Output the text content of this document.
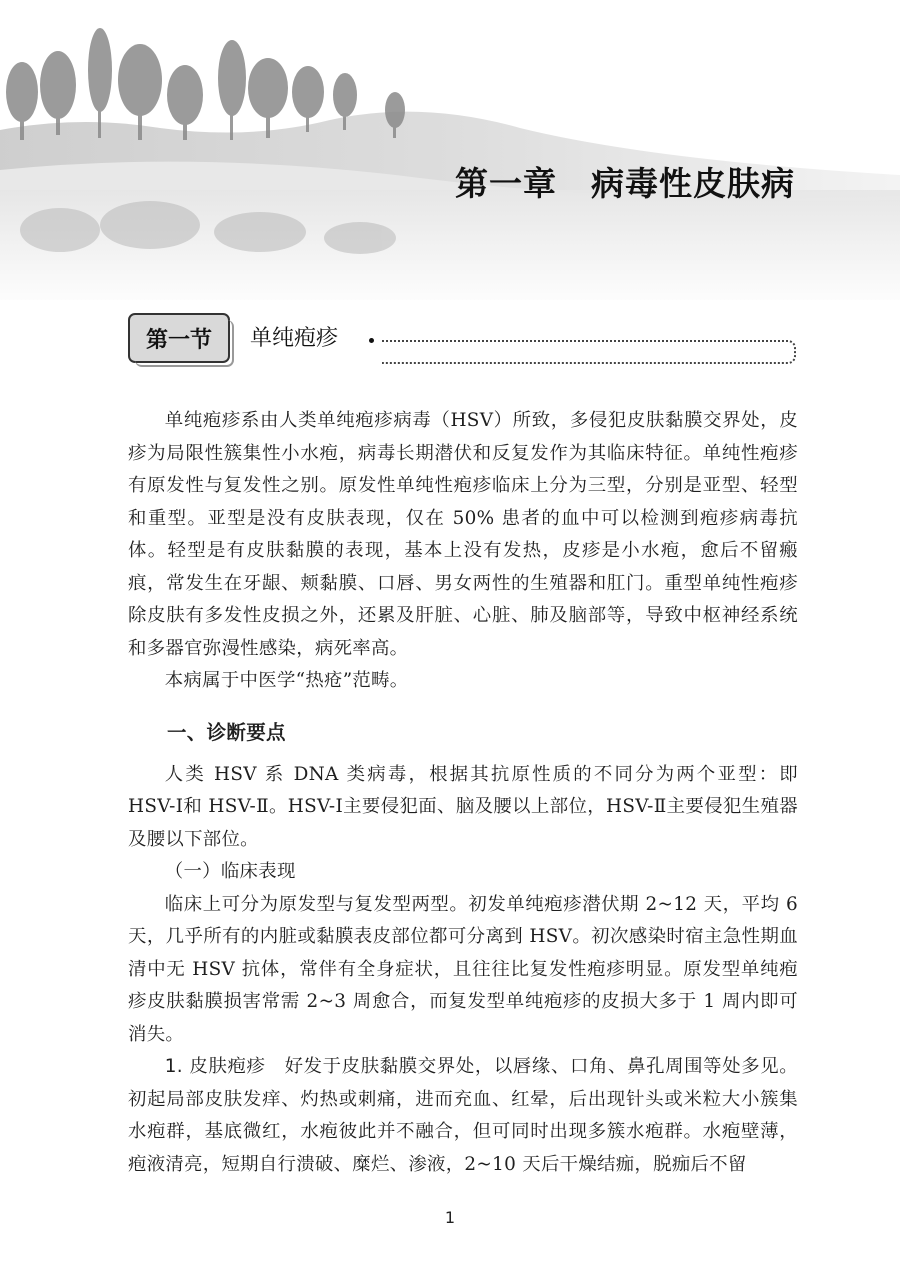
第一章　病毒性皮肤病
第一节	单纯疱疹

单纯疱疹系由人类单纯疱疹病毒（HSV）所致，多侵犯皮肤黏膜交界处，皮疹为局限性簇集性小水疱，病毒长期潜伏和反复发作为其临床特征。单纯性疱疹有原发性与复发性之别。原发性单纯性疱疹临床上分为三型，分别是亚型、轻型和重型。亚型是没有皮肤表现，仅在 50% 患者的血中可以检测到疱疹病毒抗体。轻型是有皮肤黏膜的表现，基本上没有发热，皮疹是小水疱，愈后不留瘢痕，常发生在牙龈、颊黏膜、口唇、男女两性的生殖器和肛门。重型单纯性疱疹除皮肤有多发性皮损之外，还累及肝脏、心脏、肺及脑部等，导致中枢神经系统和多器官弥漫性感染，病死率高。

本病属于中医学“热疮”范畴。

一、诊断要点

人类 HSV 系 DNA 类病毒，根据其抗原性质的不同分为两个亚型：即 HSV-Ⅰ和 HSV-Ⅱ。HSV-Ⅰ主要侵犯面、脑及腰以上部位，HSV-Ⅱ主要侵犯生殖器及腰以下部位。

（一）临床表现

临床上可分为原发型与复发型两型。初发单纯疱疹潜伏期 2~12 天，平均 6 天，几乎所有的内脏或黏膜表皮部位都可分离到 HSV。初次感染时宿主急性期血清中无 HSV 抗体，常伴有全身症状，且往往比复发性疱疹明显。原发型单纯疱疹皮肤黏膜损害常需 2~3 周愈合，而复发型单纯疱疹的皮损大多于 1 周内即可消失。

1. 皮肤疱疹　 好发于皮肤黏膜交界处，以唇缘、口角、鼻孔周围等处多见。初起局部皮肤发痒、灼热或刺痛，进而充血、红晕，后出现针头或米粒大小簇集水疱群，基底微红，水疱彼此并不融合，但可同时出现多簇水疱群。水疱壁薄，疱液清亮，短期自行溃破、糜烂、渗液，2~10 天后干燥结痂，脱痂后不留

1
